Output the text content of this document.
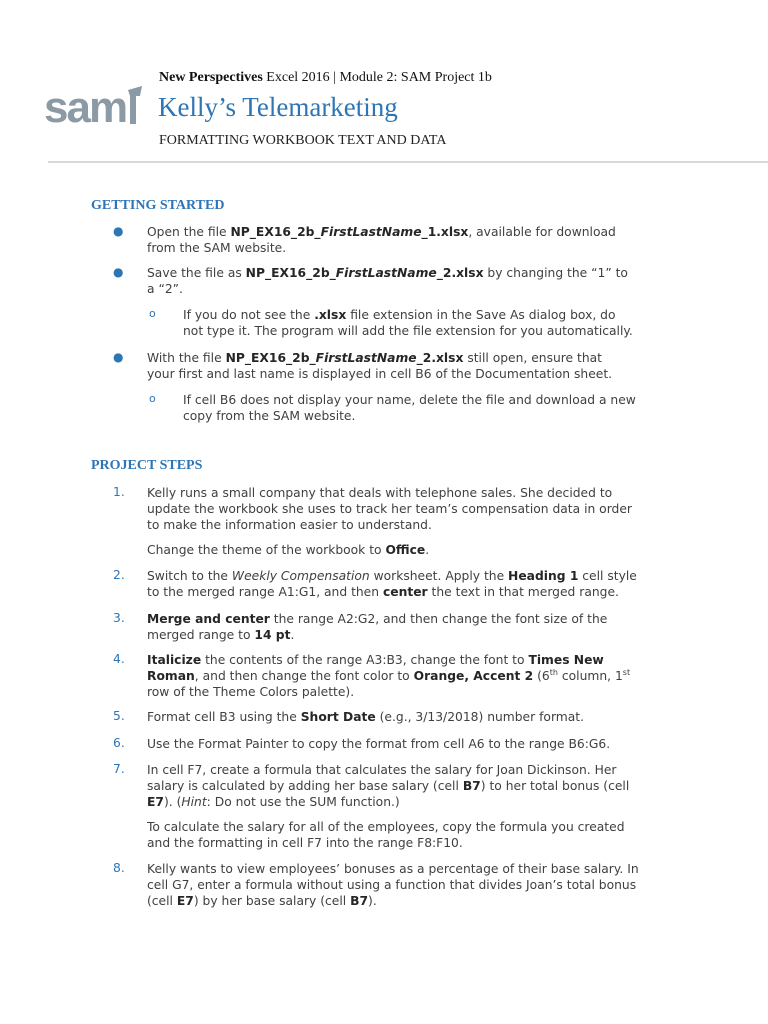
New Perspectives Excel 2016 | Module 2: SAM Project 1b
sam Kelly’s Telemarketing
FORMATTING WORKBOOK TEXT AND DATA
GETTING STARTED
● Open the file NP_EX16_2b_FirstLastName_1.xlsx, available for download
from the SAM website.
● Save the file as NP_EX16_2b_FirstLastName_2.xlsx by changing the “1” to
a “2”.
o If you do not see the .xlsx file extension in the Save As dialog box, do
not type it. The program will add the file extension for you automatically.
● With the file NP_EX16_2b_FirstLastName_2.xlsx still open, ensure that
your first and last name is displayed in cell B6 of the Documentation sheet.
o If cell B6 does not display your name, delete the file and download a new
copy from the SAM website.
PROJECT STEPS
1. Kelly runs a small company that deals with telephone sales. She decided to
update the workbook she uses to track her team’s compensation data in order
to make the information easier to understand.
Change the theme of the workbook to Office.
2. Switch to the Weekly Compensation worksheet. Apply the Heading 1 cell style
to the merged range A1:G1, and then center the text in that merged range.
3. Merge and center the range A2:G2, and then change the font size of the
merged range to 14 pt.
4. Italicize the contents of the range A3:B3, change the font to Times New
Roman, and then change the font color to Orange, Accent 2 (6th column, 1st
row of the Theme Colors palette).
5. Format cell B3 using the Short Date (e.g., 3/13/2018) number format.
6. Use the Format Painter to copy the format from cell A6 to the range B6:G6.
7. In cell F7, create a formula that calculates the salary for Joan Dickinson. Her
salary is calculated by adding her base salary (cell B7) to her total bonus (cell
E7). (Hint: Do not use the SUM function.)
To calculate the salary for all of the employees, copy the formula you created
and the formatting in cell F7 into the range F8:F10.
8. Kelly wants to view employees’ bonuses as a percentage of their base salary. In
cell G7, enter a formula without using a function that divides Joan’s total bonus
(cell E7) by her base salary (cell B7).
